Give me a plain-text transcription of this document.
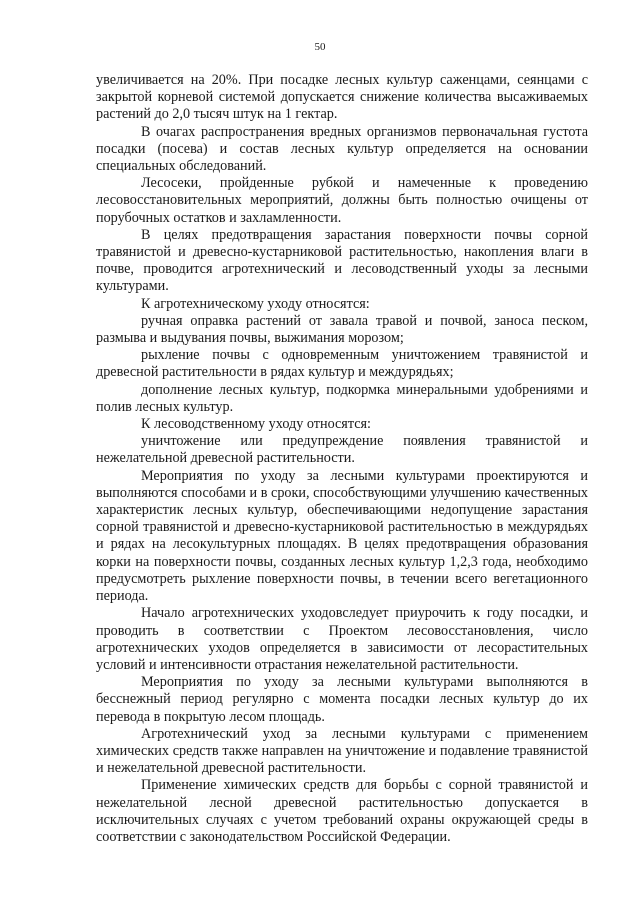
50

увеличивается на 20%. При посадке лесных культур саженцами, сеянцами с закрытой корневой системой допускается снижение количества высаживаемых растений до 2,0 тысяч штук на 1 гектар.

В очагах распространения вредных организмов первоначальная густота посадки (посева) и состав лесных культур определяется на основании специальных обследований.

Лесосеки, пройденные рубкой и намеченные к проведению лесовосстановительных мероприятий, должны быть полностью очищены от порубочных остатков и захламленности.

В целях предотвращения зарастания поверхности почвы сорной травянистой и древесно-кустарниковой растительностью, накопления влаги в почве, проводится агротехнический и лесоводственный уходы за лесными культурами.

К агротехническому уходу относятся:

ручная оправка растений от завала травой и почвой, заноса песком, размыва и выдувания почвы, выжимания морозом;

рыхление почвы с одновременным уничтожением травянистой и древесной растительности в рядах культур и междурядьях;

дополнение лесных культур, подкормка минеральными удобрениями и полив лесных культур.

К лесоводственному уходу относятся:

уничтожение или предупреждение появления травянистой и нежелательной древесной растительности.

Мероприятия по уходу за лесными культурами проектируются и выполняются способами и в сроки, способствующими улучшению качественных характеристик лесных культур, обеспечивающими недопущение зарастания сорной травянистой и древесно-кустарниковой растительностью в междурядьях и рядах на лесокультурных площадях. В целях предотвращения образования корки на поверхности почвы, созданных лесных культур 1,2,3 года, необходимо предусмотреть рыхление поверхности почвы, в течении всего вегетационного периода.

Начало агротехнических уходовследует приурочить к году посадки, и проводить в соответствии с Проектом лесовосстановления, число агротехнических уходов определяется в зависимости от лесорастительных условий и интенсивности отрастания нежелательной растительности.

Мероприятия по уходу за лесными культурами выполняются в бесснежный период регулярно с момента посадки лесных культур до их перевода в покрытую лесом площадь.

Агротехнический уход за лесными культурами с применением химических средств также направлен на уничтожение и подавление травянистой и нежелательной древесной растительности.

Применение химических средств для борьбы с сорной травянистой и нежелательной лесной древесной растительностью допускается в исключительных случаях с учетом требований охраны окружающей среды в соответствии с законодательством Российской Федерации.
